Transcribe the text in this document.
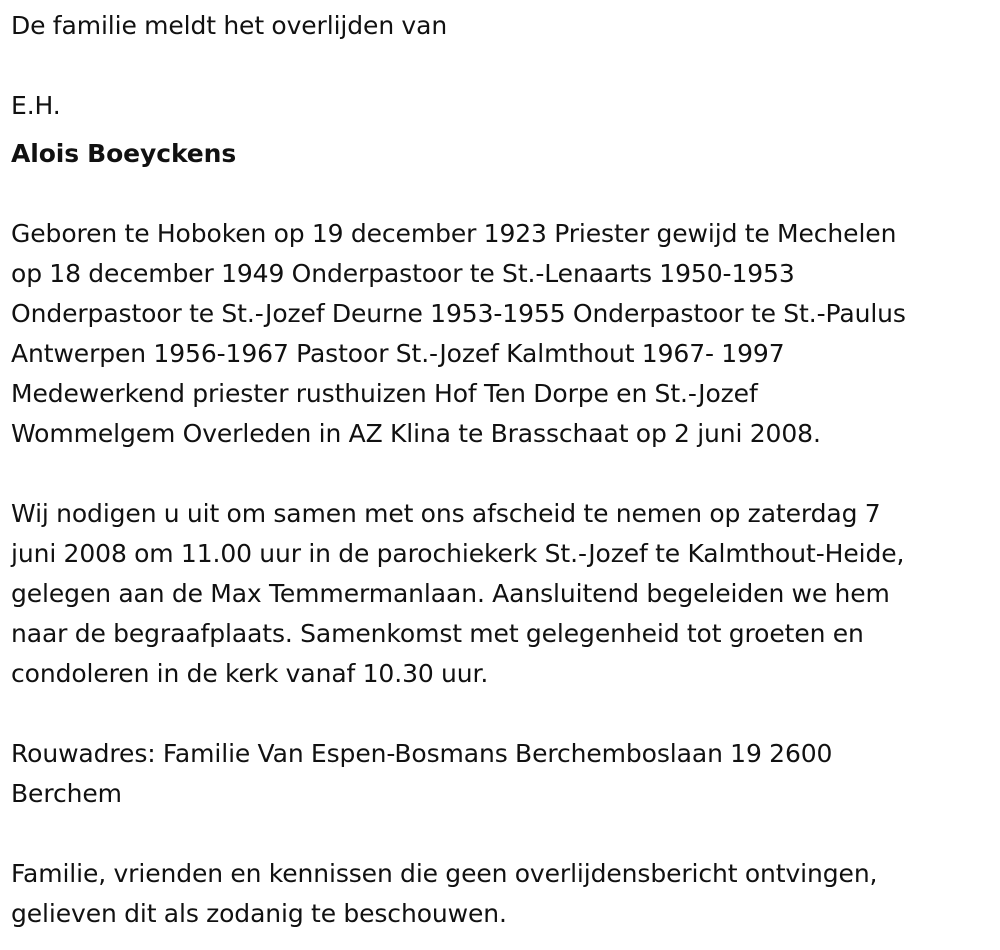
De familie meldt het overlijden van

E.H.

Alois Boeyckens

Geboren te Hoboken op 19 december 1923 Priester gewijd te Mechelen

op 18 december 1949 Onderpastoor te St.-Lenaarts 1950-1953

Onderpastoor te St.-Jozef Deurne 1953-1955 Onderpastoor te St.-Paulus

Antwerpen 1956-1967 Pastoor St.-Jozef Kalmthout 1967- 1997

Medewerkend priester rusthuizen Hof Ten Dorpe en St.-Jozef

Wommelgem Overleden in AZ Klina te Brasschaat op 2 juni 2008.

Wij nodigen u uit om samen met ons afscheid te nemen op zaterdag 7

juni 2008 om 11.00 uur in de parochiekerk St.-Jozef te Kalmthout-Heide,

gelegen aan de Max Temmermanlaan. Aansluitend begeleiden we hem

naar de begraafplaats. Samenkomst met gelegenheid tot groeten en

condoleren in de kerk vanaf 10.30 uur.

Rouwadres: Familie Van Espen-Bosmans Berchemboslaan 19 2600

Berchem

Familie, vrienden en kennissen die geen overlijdensbericht ontvingen,

gelieven dit als zodanig te beschouwen.
